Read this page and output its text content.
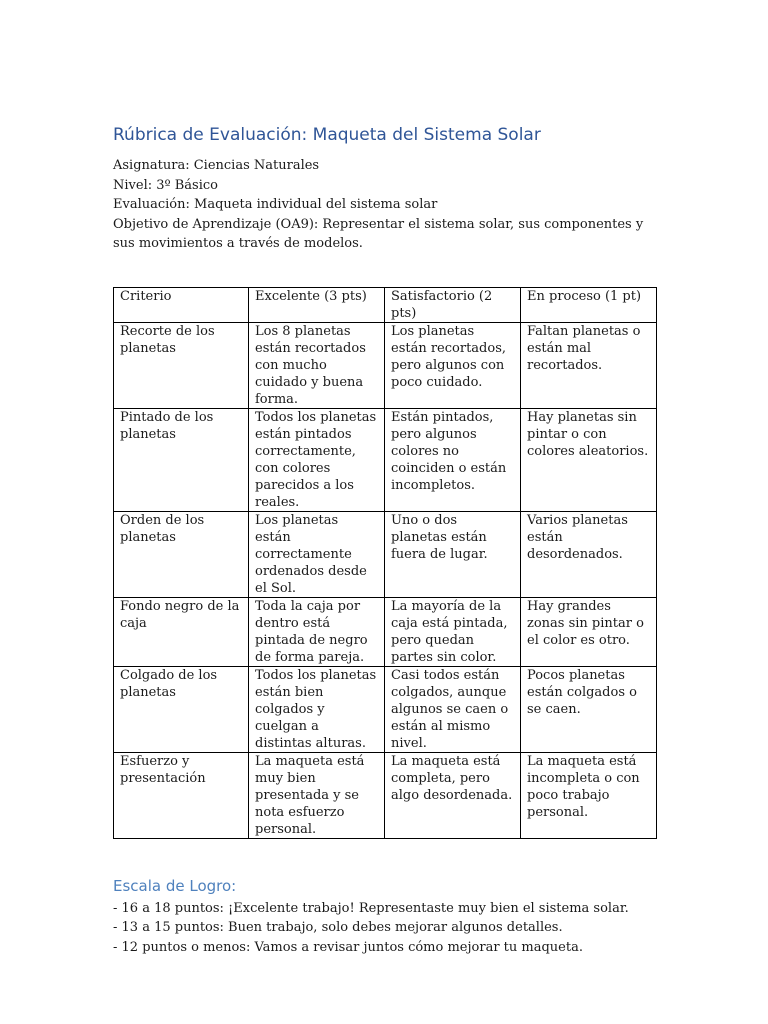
Rúbrica de Evaluación: Maqueta del Sistema Solar

Asignatura: Ciencias Naturales

Nivel: 3º Básico

Evaluación: Maqueta individual del sistema solar

Objetivo de Aprendizaje (OA9): Representar el sistema solar, sus componentes y sus movimientos a través de modelos.

Criterio	Excelente (3 pts)	Satisfactorio (2 pts)	En proceso (1 pt)
Recorte de los planetas	Los 8 planetas están recortados con mucho cuidado y buena forma.	Los planetas están recortados, pero algunos con poco cuidado.	Faltan planetas o están mal recortados.
Pintado de los planetas	Todos los planetas están pintados correctamente, con colores parecidos a los reales.	Están pintados, pero algunos colores no coinciden o están incompletos.	Hay planetas sin pintar o con colores aleatorios.
Orden de los planetas	Los planetas están correctamente ordenados desde el Sol.	Uno o dos planetas están fuera de lugar.	Varios planetas están desordenados.
Fondo negro de la caja	Toda la caja por dentro está pintada de negro de forma pareja.	La mayoría de la caja está pintada, pero quedan partes sin color.	Hay grandes zonas sin pintar o el color es otro.
Colgado de los planetas	Todos los planetas están bien colgados y cuelgan a distintas alturas.	Casi todos están colgados, aunque algunos se caen o están al mismo nivel.	Pocos planetas están colgados o se caen.
Esfuerzo y presentación	La maqueta está muy bien presentada y se nota esfuerzo personal.	La maqueta está completa, pero algo desordenada.	La maqueta está incompleta o con poco trabajo personal.
Escala de Logro:

- 16 a 18 puntos: ¡Excelente trabajo! Representaste muy bien el sistema solar.

- 13 a 15 puntos: Buen trabajo, solo debes mejorar algunos detalles.

- 12 puntos o menos: Vamos a revisar juntos cómo mejorar tu maqueta.
